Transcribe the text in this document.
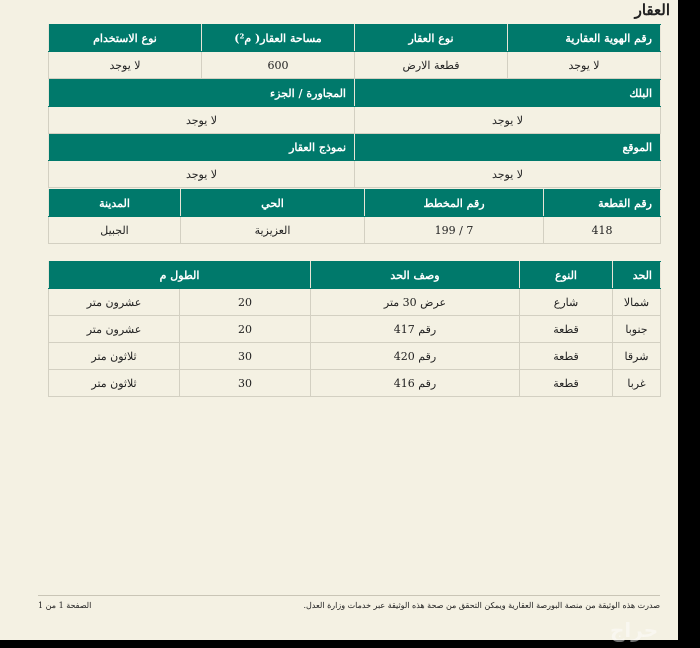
العقار
رقم الهوية العقارية	نوع العقار	مساحة العقار( م²)	نوع الاستخدام
لا يوجد	قطعة الارض	600	لا يوجد
البلك	المجاورة / الجزء
لا يوجد	لا يوجد
الموقع	نموذج العقار
لا يوجد	لا يوجد
رقم القطعة	رقم المخطط	الحي	المدينة
418	7 / 199	العزيزية	الجبيل
الحد	النوع	وصف الحد	الطول م	
شمالا	شارع	عرض 30 متر	20	عشرون متر
جنوبا	قطعة	رقم 417	20	عشرون متر
شرقا	قطعة	رقم 420	30	ثلاثون متر
غربا	قطعة	رقم 416	30	ثلاثون متر
صدرت هذه الوثيقة من منصة البورصة العقارية ويمكن التحقق من صحة هذه الوثيقة عبر خدمات وزارة العدل.
الصفحة 1 من 1
حراج
